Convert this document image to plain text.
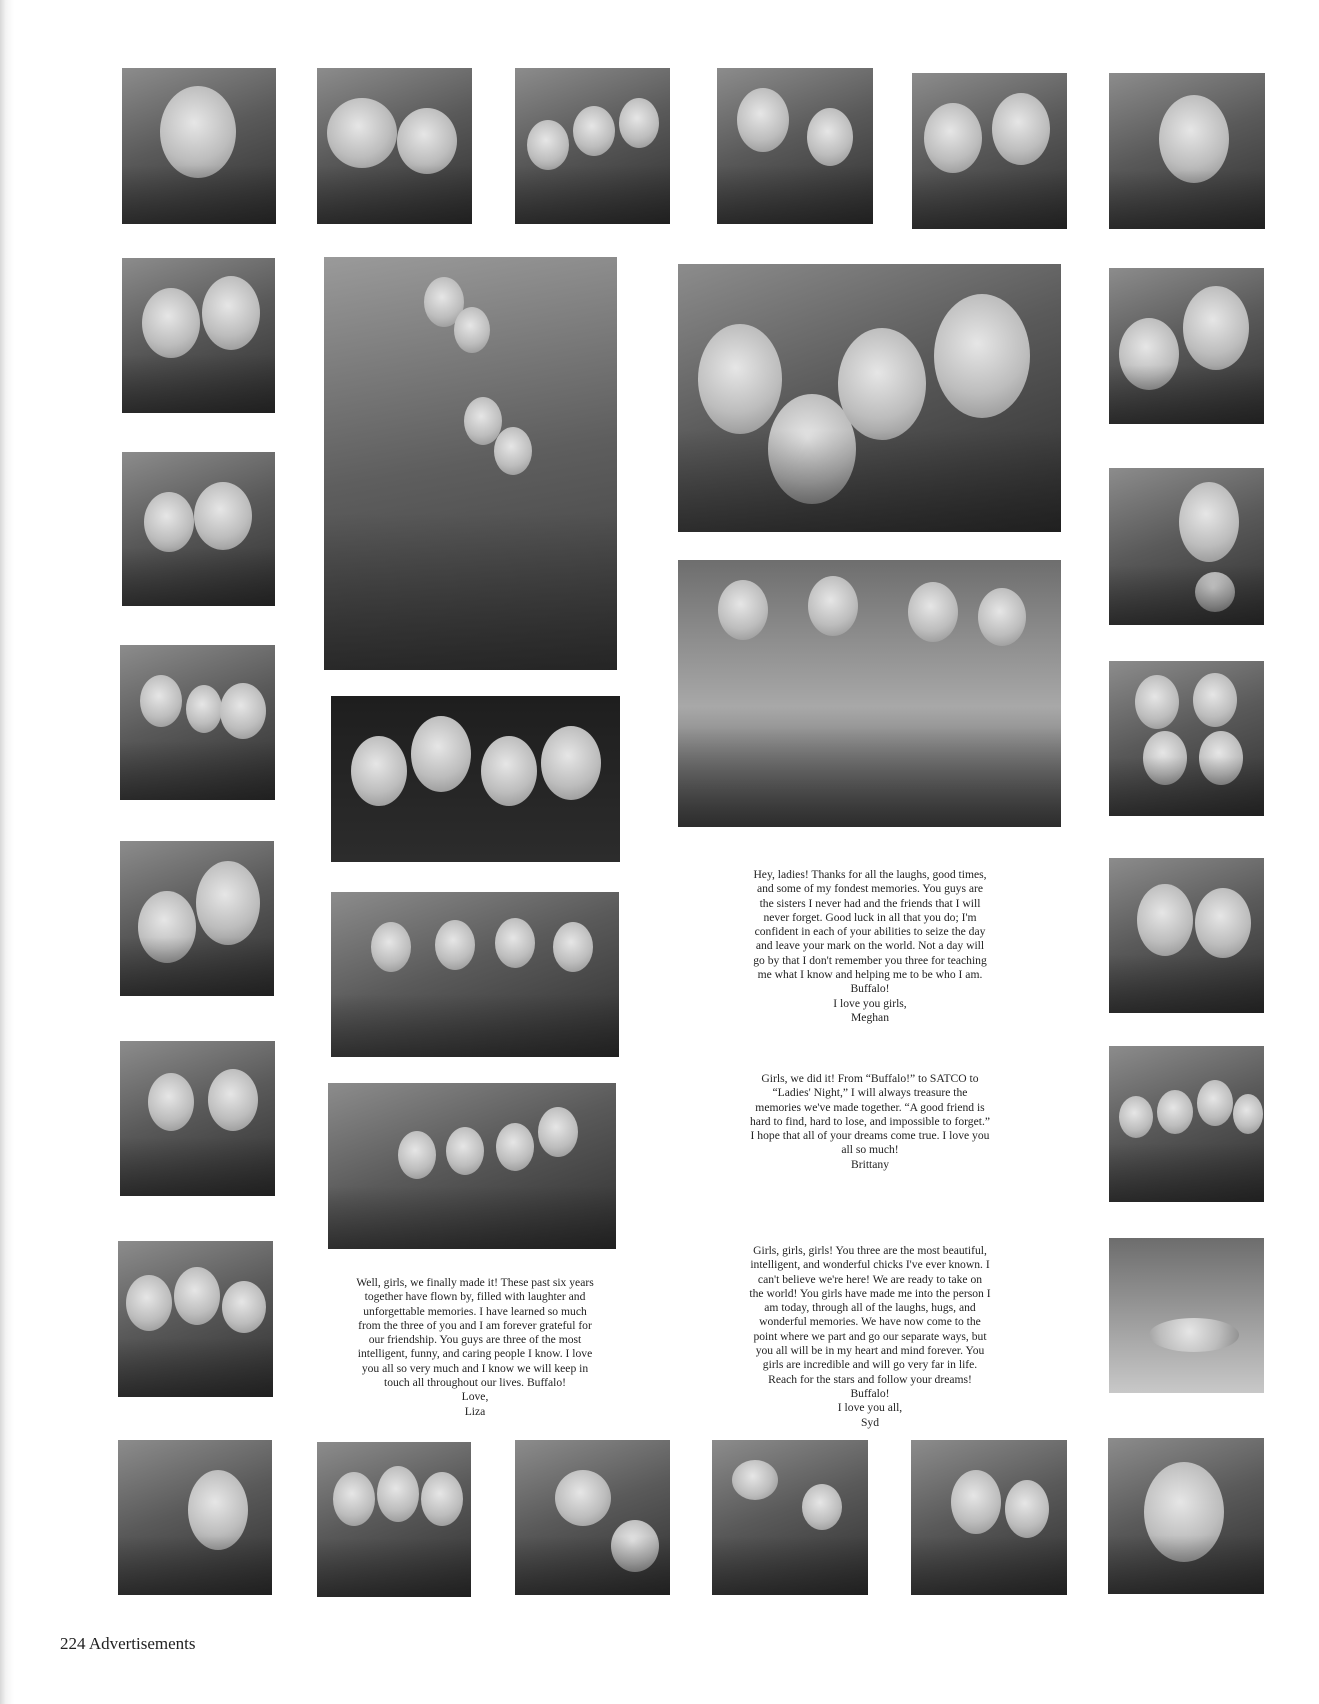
Hey, ladies! Thanks for all the laughs, good times,
and some of my fondest memories. You guys are
the sisters I never had and the friends that I will
never forget. Good luck in all that you do; I'm
confident in each of your abilities to seize the day
and leave your mark on the world. Not a day will
go by that I don't remember you three for teaching
me what I know and helping me to be who I am.
Buffalo!
I love you girls,
Meghan
Girls, we did it! From “Buffalo!” to SATCO to
“Ladies' Night,” I will always treasure the
memories we've made together. “A good friend is
hard to find, hard to lose, and impossible to forget.”
I hope that all of your dreams come true. I love you
all so much!
Brittany
Girls, girls, girls! You three are the most beautiful,
intelligent, and wonderful chicks I've ever known. I
can't believe we're here! We are ready to take on
the world! You girls have made me into the person I
am today, through all of the laughs, hugs, and
wonderful memories. We have now come to the
point where we part and go our separate ways, but
you all will be in my heart and mind forever. You
girls are incredible and will go very far in life.
Reach for the stars and follow your dreams!
Buffalo!
I love you all,
Syd
Well, girls, we finally made it! These past six years
together have flown by, filled with laughter and
unforgettable memories. I have learned so much
from the three of you and I am forever grateful for
our friendship. You guys are three of the most
intelligent, funny, and caring people I know. I love
you all so very much and I know we will keep in
touch all throughout our lives. Buffalo!
Love,
Liza
224 Advertisements
